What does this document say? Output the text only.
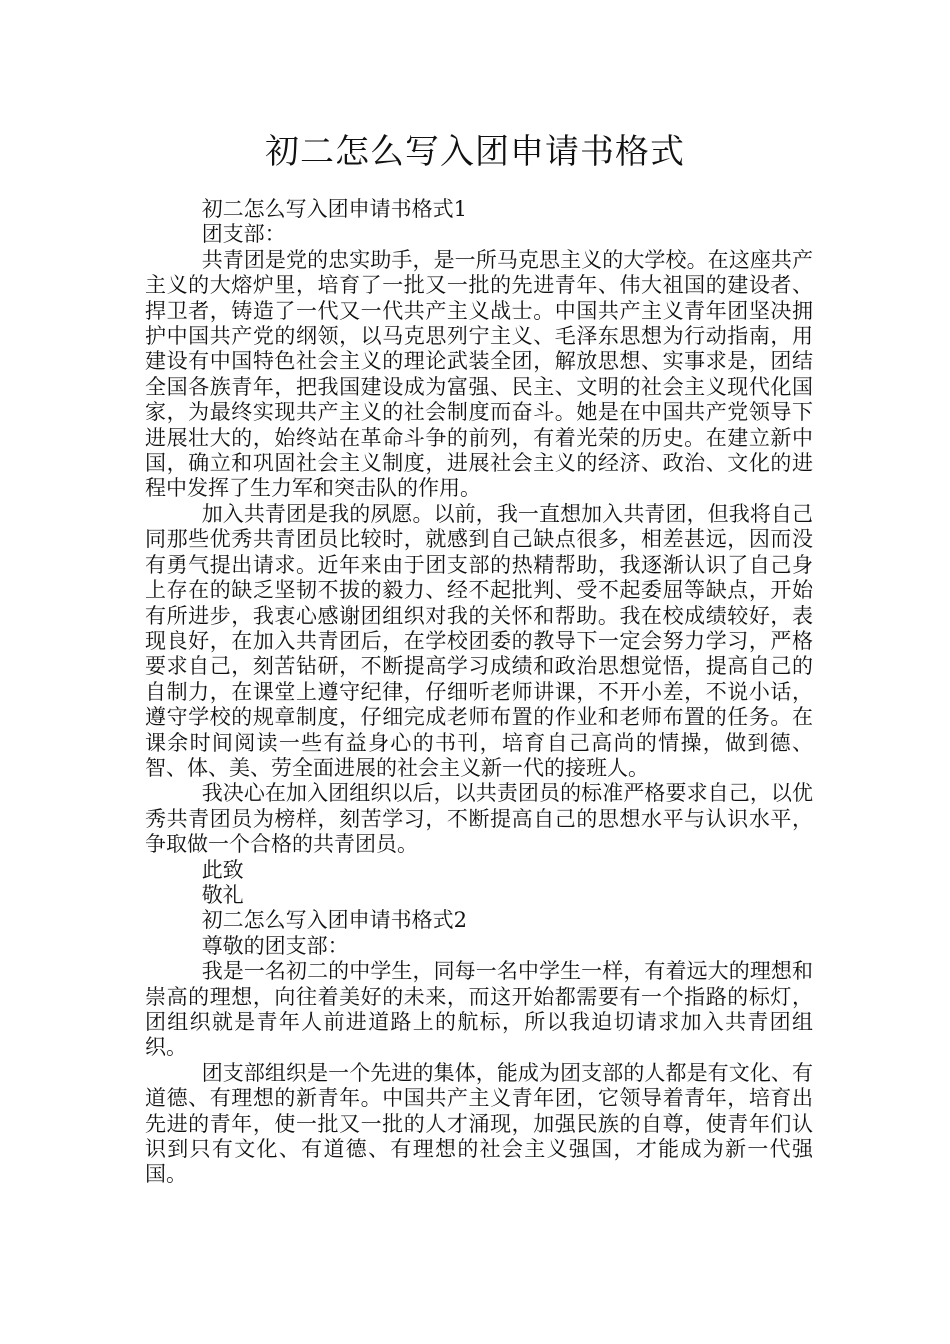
初二怎么写入团申请书格式

初二怎么写入团申请书格式1

团支部：

共青团是党的忠实助手，是一所马克思主义的大学校。在这座共产主义的大熔炉里，培育了一批又一批的先进青年、伟大祖国的建设者、捍卫者，铸造了一代又一代共产主义战士。中国共产主义青年团坚决拥护中国共产党的纲领，以马克思列宁主义、毛泽东思想为行动指南，用建设有中国特色社会主义的理论武装全团，解放思想、实事求是，团结全国各族青年，把我国建设成为富强、民主、文明的社会主义现代化国家，为最终实现共产主义的社会制度而奋斗。她是在中国共产党领导下进展壮大的，始终站在革命斗争的前列，有着光荣的历史。在建立新中国，确立和巩固社会主义制度，进展社会主义的经济、政治、文化的进程中发挥了生力军和突击队的作用。

加入共青团是我的夙愿。以前，我一直想加入共青团，但我将自己同那些优秀共青团员比较时，就感到自己缺点很多，相差甚远，因而没有勇气提出请求。近年来由于团支部的热精帮助，我逐渐认识了自己身上存在的缺乏坚韧不拔的毅力、经不起批判、受不起委屈等缺点，开始有所进步，我衷心感谢团组织对我的关怀和帮助。我在校成绩较好，表现良好，在加入共青团后，在学校团委的教导下一定会努力学习，严格要求自己，刻苦钻研，不断提高学习成绩和政治思想觉悟，提高自己的自制力，在课堂上遵守纪律，仔细听老师讲课，不开小差，不说小话，遵守学校的规章制度，仔细完成老师布置的作业和老师布置的任务。在课余时间阅读一些有益身心的书刊，培育自己高尚的情操，做到德、智、体、美、劳全面进展的社会主义新一代的接班人。

我决心在加入团组织以后，以共责团员的标准严格要求自己，以优秀共青团员为榜样，刻苦学习，不断提高自己的思想水平与认识水平，争取做一个合格的共青团员。

此致

敬礼

初二怎么写入团申请书格式2

尊敬的团支部：

我是一名初二的中学生，同每一名中学生一样，有着远大的理想和崇高的理想，向往着美好的未来，而这开始都需要有一个指路的标灯，团组织就是青年人前进道路上的航标，所以我迫切请求加入共青团组织。

团支部组织是一个先进的集体，能成为团支部的人都是有文化、有道德、有理想的新青年。中国共产主义青年团，它领导着青年，培育出先进的青年，使一批又一批的人才涌现，加强民族的自尊，使青年们认识到只有文化、有道德、有理想的社会主义强国，才能成为新一代强国。
